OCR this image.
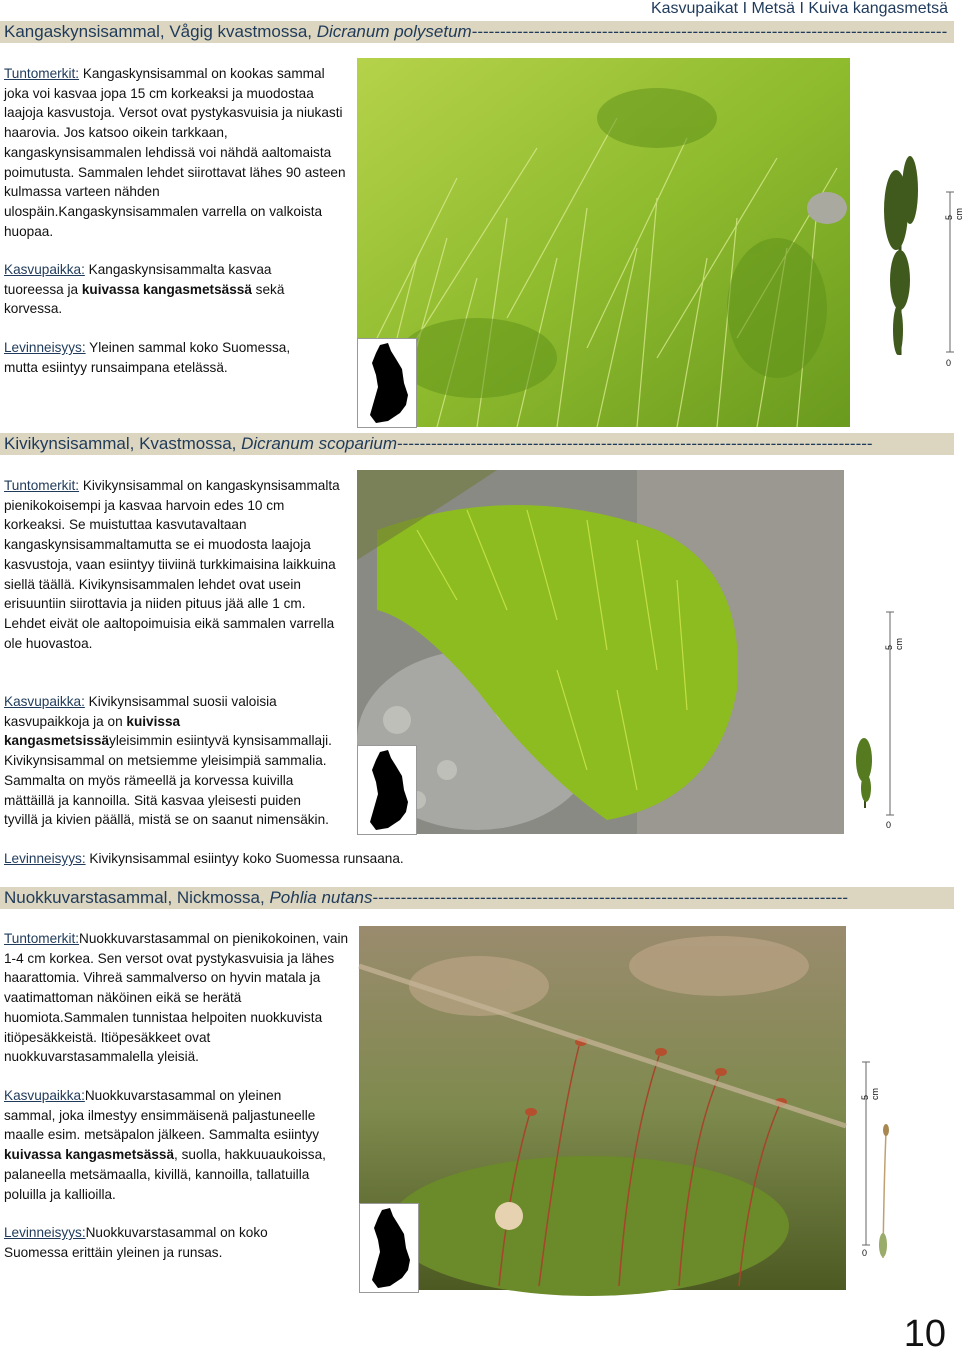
Kasvupaikat I Metsä I Kuiva kangasmetsä
Kangaskynsisammal, Vågig kvastmossa, Dicranum polysetum------------------------------------------------------------------------------------
Tuntomerkit: Kangaskynsisammal on kookas sammal joka voi kasvaa jopa 15 cm korkeaksi ja muodostaa laajoja kasvustoja. Versot ovat pystykasvuisia ja niukasti haarovia. Jos katsoo oikein tarkkaan, kangaskynsisammalen lehdissä voi nähdä aaltomaista poimutusta. Sammalen lehdet siirottavat lähes 90 asteen kulmassa varteen nähden ulospäin.Kangaskynsisammalen varrella on valkoista huopaa.
Kasvupaikka: Kangaskynsisammalta kasvaa tuoreessa ja kuivassa kangasmetsässä sekä korvessa.
Levinneisyys: Yleinen sammal koko Suomessa, mutta esiintyy runsaimpana etelässä.
5 cm
0
Kivikynsisammal, Kvastmossa, Dicranum scoparium------------------------------------------------------------------------------------
Tuntomerkit: Kivikynsisammal on kangaskynsisammalta pienikokoisempi ja kasvaa harvoin edes 10 cm korkeaksi. Se muistuttaa kasvutavaltaan kangaskynsisammaltamutta se ei muodosta laajoja kasvustoja, vaan esiintyy tiiviinä turkkimaisina laikkuina siellä täällä. Kivikynsisammalen lehdet ovat usein erisuuntiin siirottavia ja niiden pituus jää alle 1 cm. Lehdet eivät ole aaltopoimuisia eikä sammalen varrella ole huovastoa.
Kasvupaikka: Kivikynsisammal suosii valoisia kasvupaikkoja ja on kuivissa kangasmetsissäyleisimmin esiintyvä kynsisammallaji. Kivikynsisammal on metsiemme yleisimpiä sammalia. Sammalta on myös rämeellä ja korvessa kuivilla mättäillä ja kannoilla. Sitä kasvaa yleisesti puiden tyvillä ja kivien päällä, mistä se on saanut nimensäkin.
Levinneisyys: Kivikynsisammal esiintyy koko Suomessa runsaana.
5 cm
0
Nuokkuvarstasammal, Nickmossa, Pohlia nutans------------------------------------------------------------------------------------
Tuntomerkit:Nuokkuvarstasammal on pienikokoinen, vain 1-4 cm korkea. Sen versot ovat pystykasvuisia ja lähes haarattomia. Vihreä sammalverso on hyvin matala ja vaatimattoman näköinen eikä se herätä huomiota.Sammalen tunnistaa helpoiten nuokkuvista itiöpesäkkeistä. Itiöpesäkkeet ovat nuokkuvarstasammalella yleisiä.
Kasvupaikka:Nuokkuvarstasammal on yleinen sammal, joka ilmestyy ensimmäisenä paljastuneelle maalle esim. metsäpalon jälkeen. Sammalta esiintyy kuivassa kangasmetsässä, suolla, hakkuuaukoissa, palaneella metsämaalla, kivillä, kannoilla, tallatuilla poluilla ja kallioilla.
Levinneisyys:Nuokkuvarstasammal on koko Suomessa erittäin yleinen ja runsas.
5 cm
0
10
